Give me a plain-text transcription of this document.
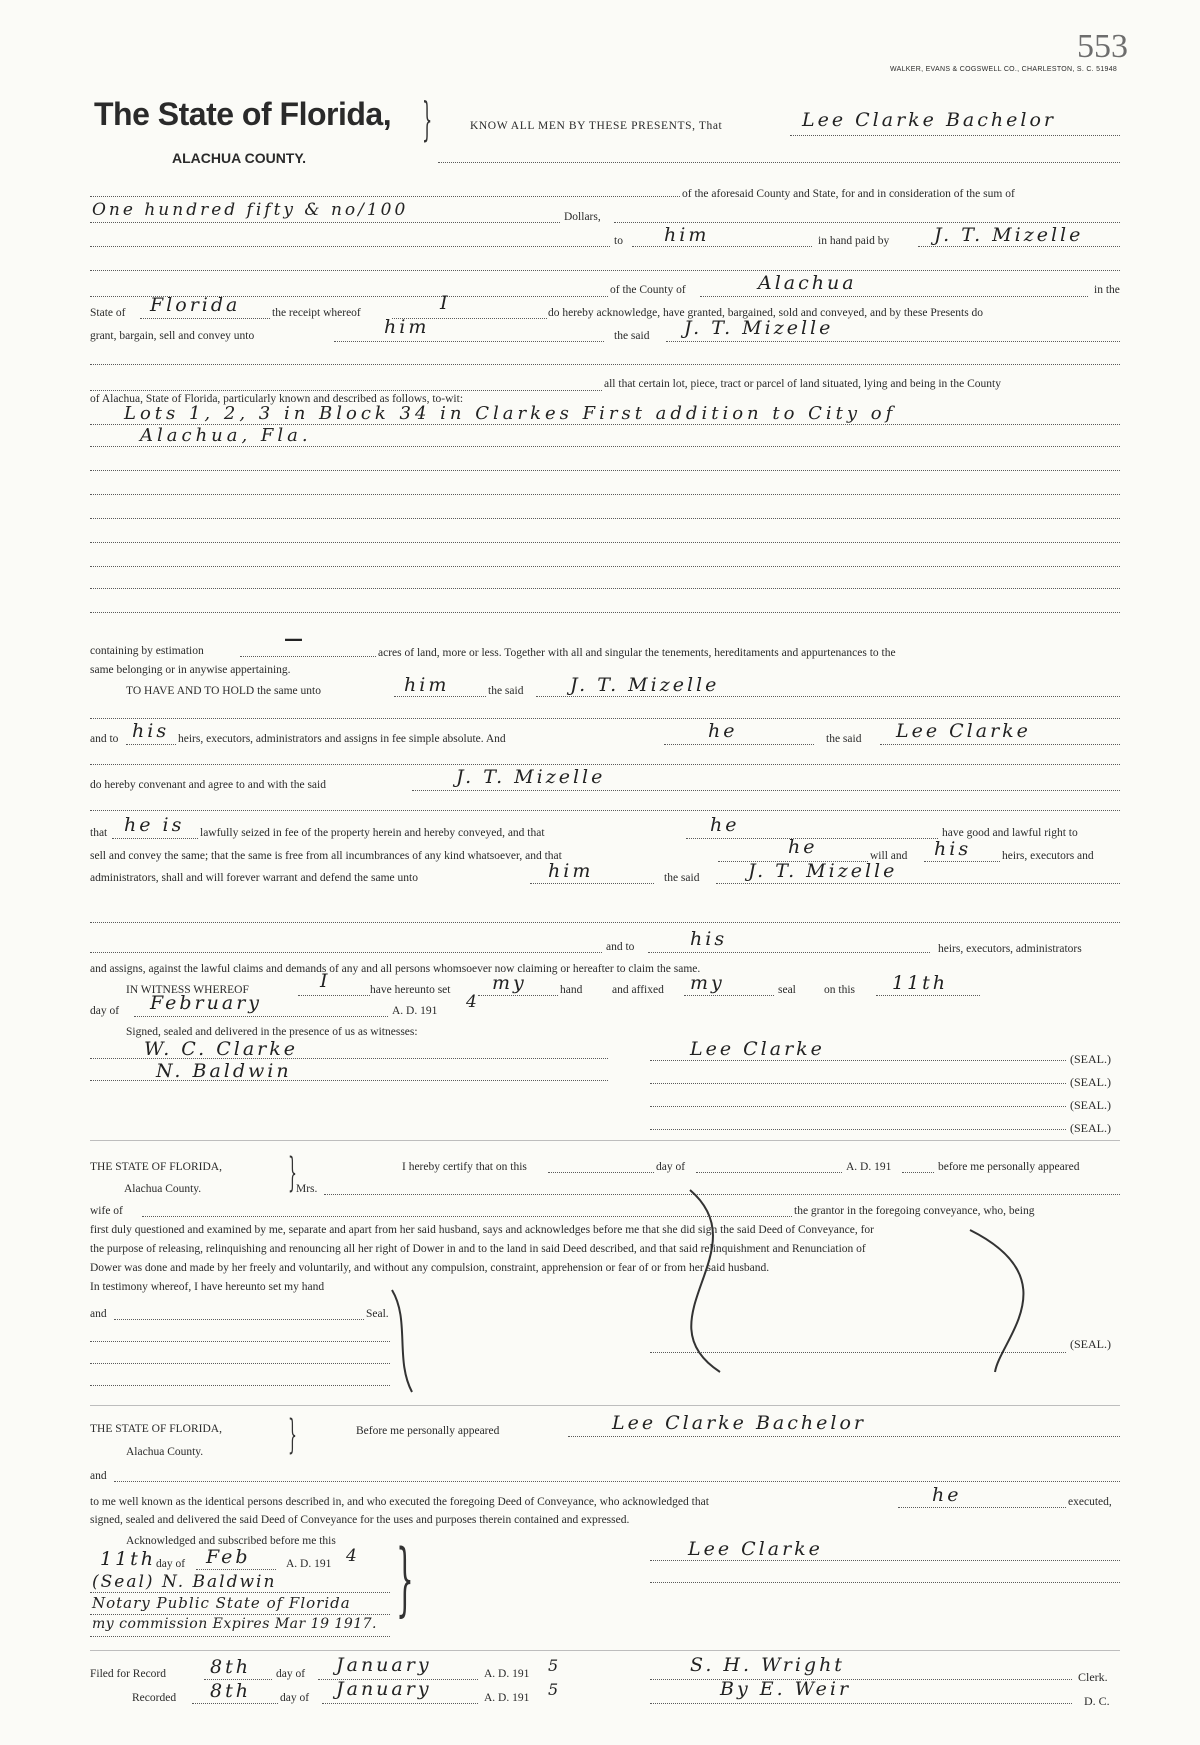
553
WALKER, EVANS & COGSWELL CO., CHARLESTON, S. C. 51948
The State of Florida,
ALACHUA COUNTY.
}	KNOW ALL MEN BY THESE PRESENTS, That	Lee Clarke Bachelor
of the aforesaid County and State, for and in consideration of the sum of
One hundred fifty & no/100	Dollars,
to him	in hand paid by J. T. Mizelle
of the County of	Alachua	in the
State of Florida	the receipt whereof	I	do hereby acknowledge, have granted, bargained, sold and conveyed, and by these Presents do
grant, bargain, sell and convey unto	him	the said J. T. Mizelle
all that certain lot, piece, tract or parcel of land situated, lying and being in the County
of Alachua, State of Florida, particularly known and described as follows, to-wit:
Lots 1, 2, 3 in Block 34 in Clarkes First addition to City of
Alachua, Fla.
containing by estimation
—
acres of land, more or less. Together with all and singular the tenements, hereditaments and appurtenances to the
same belonging or in anywise appertaining.
TO HAVE AND TO HOLD the same unto	him	the said J. T. Mizelle
and to his heirs, executors, administrators and assigns in fee simple absolute. And	he	the said Lee Clarke
do hereby convenant and agree to and with the said	J. T. Mizelle
that he is lawfully seized in fee of the property herein and hereby conveyed, and that	he	have good and lawful right to
sell and convey the same; that the same is free from all incumbrances of any kind whatsoever, and that	he	will and his	heirs, executors and
administrators, shall and will forever warrant and defend the same unto	him	the said	J. T. Mizelle
and to	his	heirs, executors, administrators
and assigns, against the lawful claims and demands of any and all persons whomsoever now claiming or hereafter to claim the same.
IN WITNESS WHEREOF	I	have hereunto set my	hand	and affixed my	seal on this 11th
day of February	A. D. 191 4
Signed, sealed and delivered in the presence of us as witnesses:
W. C. Clarke
N. Baldwin
Lee Clarke	(SEAL.)
(SEAL.)
(SEAL.)
(SEAL.)
THE STATE OF FLORIDA, }
Alachua County.	Mrs.
I hereby certify that on this	day of	A. D. 191	before me personally appeared
wife of	the grantor in the foregoing conveyance, who, being
first duly questioned and examined by me, separate and apart from her said husband, says and acknowledges before me that she did sign the said Deed of Conveyance, for
the purpose of releasing, relinquishing and renouncing all her right of Dower in and to the land in said Deed described, and that said relinquishment and Renunciation of
Dower was done and made by her freely and voluntarily, and without any compulsion, constraint, apprehension or fear of or from her said husband.
In testimony whereof, I have hereunto set my hand
and	Seal.
(SEAL.)
THE STATE OF FLORIDA, }
Alachua County.
Before me personally appeared	Lee Clarke Bachelor
and
to me well known as the identical persons described in, and who executed the foregoing Deed of Conveyance, who acknowledged that	he	executed,
signed, sealed and delivered the said Deed of Conveyance for the uses and purposes therein contained and expressed.
Acknowledged and subscribed before me this
11th day of Feb	A. D. 191 4 }
(Seal) N. Baldwin
Notary Public State of Florida
my commission Expires Mar 19 1917.
Lee Clarke
Filed for Record 8th day of January	A. D. 191 5
Recorded 8th	day of January	A. D. 191 5
S. H. Wright
Clerk.
By E. Weir
D. C.
